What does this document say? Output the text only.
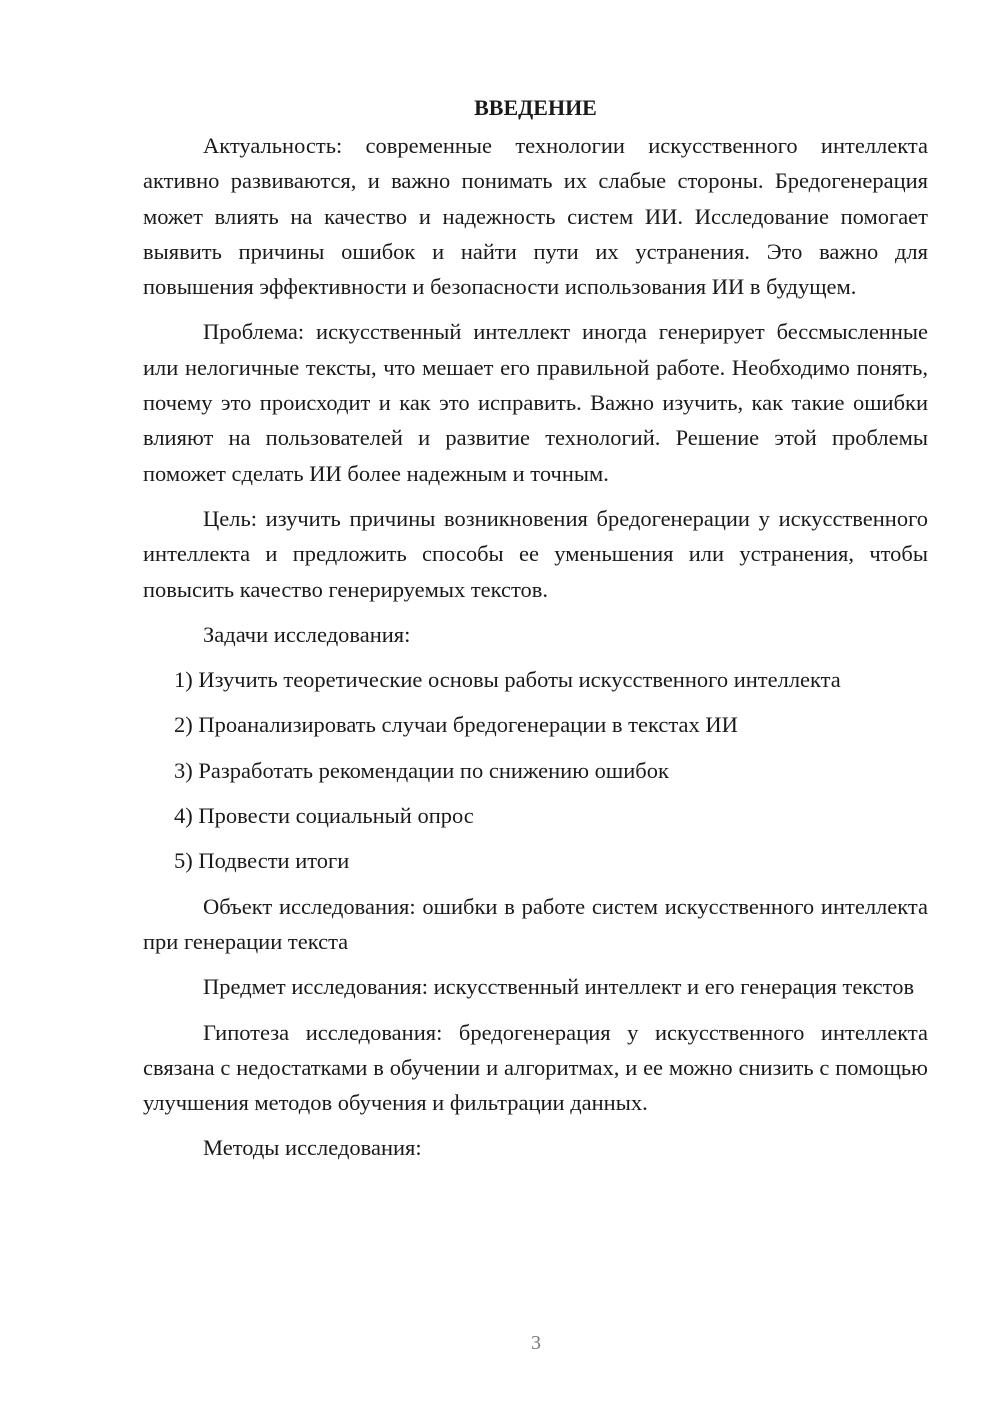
ВВЕДЕНИЕ

Актуальность: современные технологии искусственного интеллекта активно развиваются, и важно понимать их слабые стороны. Бредогенерация может влиять на качество и надежность систем ИИ. Исследование помогает выявить причины ошибок и найти пути их устранения. Это важно для повышения эффективности и безопасности использования ИИ в будущем.

Проблема: искусственный интеллект иногда генерирует бессмысленные или нелогичные тексты, что мешает его правильной работе. Необходимо понять, почему это происходит и как это исправить. Важно изучить, как такие ошибки влияют на пользователей и развитие технологий. Решение этой проблемы поможет сделать ИИ более надежным и точным.

Цель: изучить причины возникновения бредогенерации у искусственного интеллекта и предложить способы ее уменьшения или устранения, чтобы повысить качество генерируемых текстов.

Задачи исследования:

1) Изучить теоретические основы работы искусственного интеллекта

2) Проанализировать случаи бредогенерации в текстах ИИ

3) Разработать рекомендации по снижению ошибок

4) Провести социальный опрос

5) Подвести итоги

Объект исследования: ошибки в работе систем искусственного интеллекта при генерации текста

Предмет исследования: искусственный интеллект и его генерация текстов

Гипотеза исследования: бредогенерация у искусственного интеллекта связана с недостатками в обучении и алгоритмах, и ее можно снизить с помощью улучшения методов обучения и фильтрации данных.

Методы исследования:

3
